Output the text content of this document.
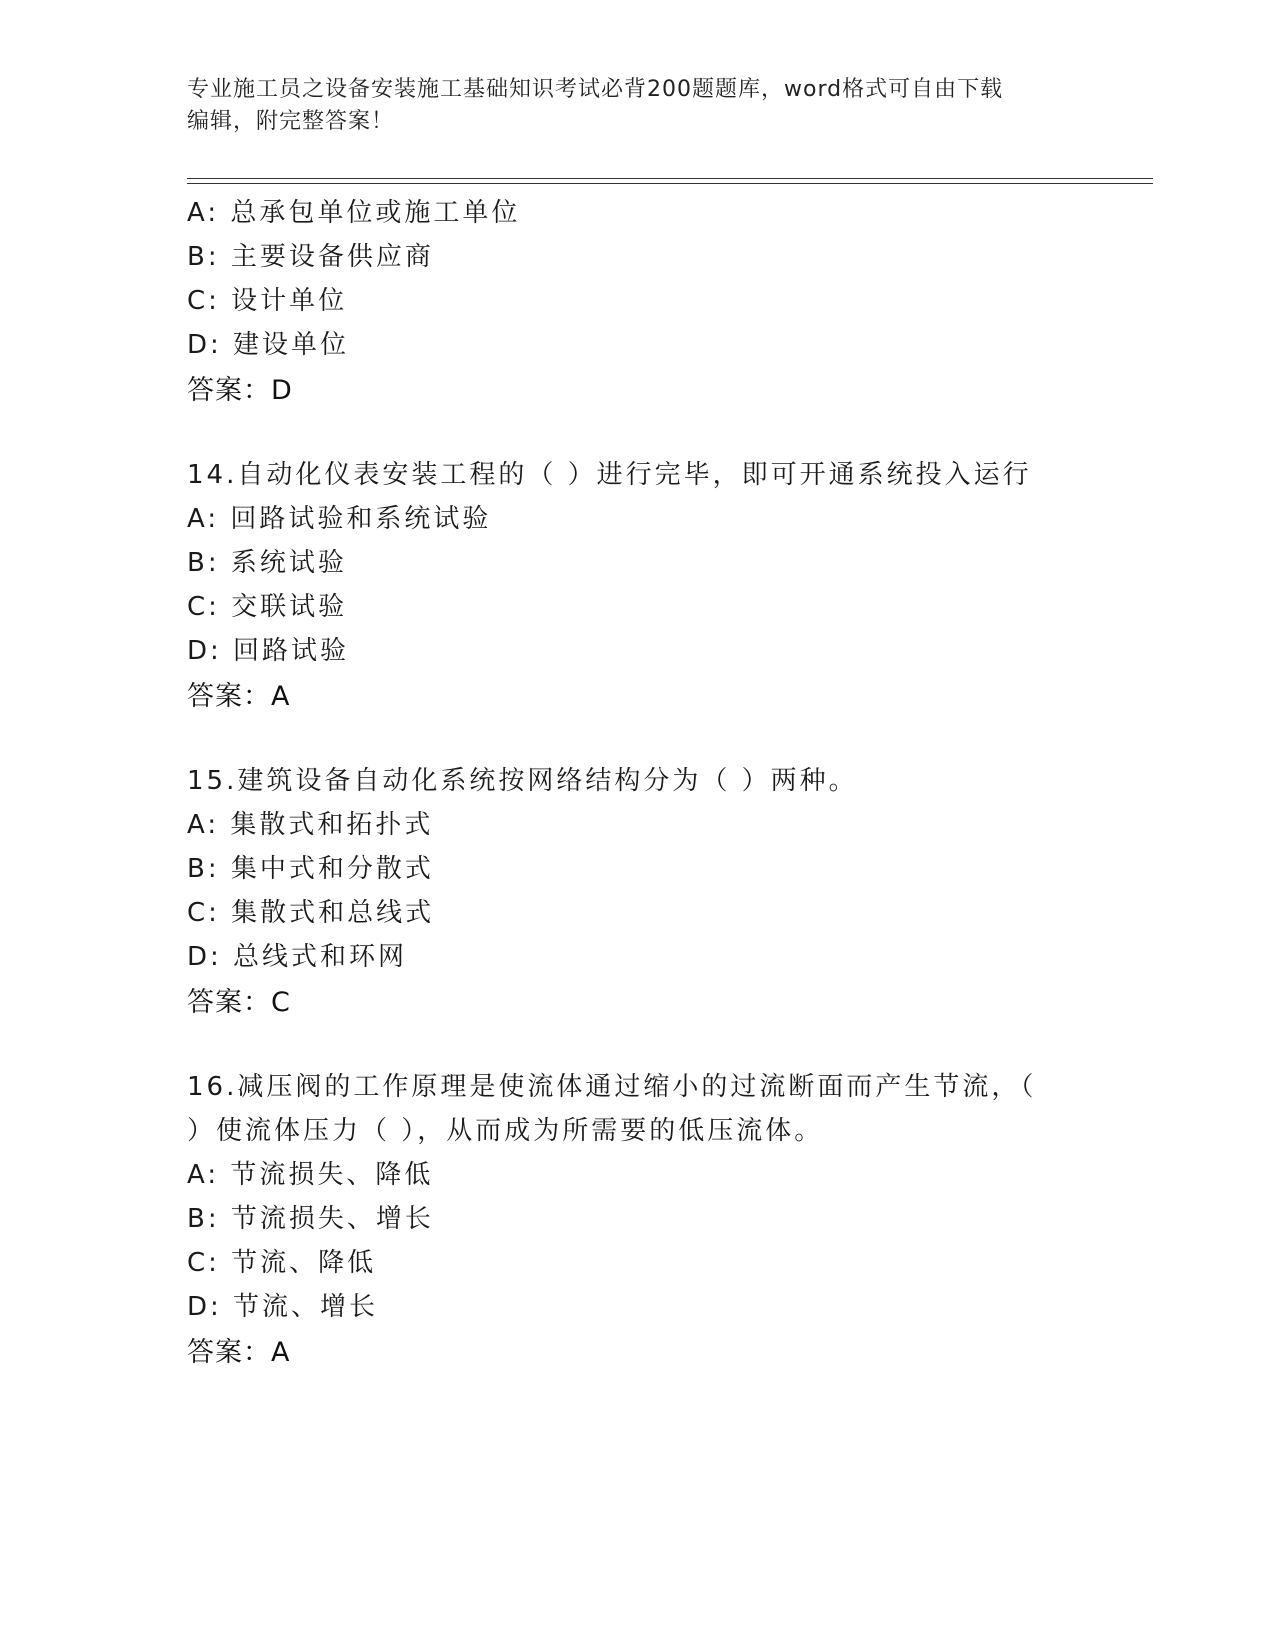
专业施工员之设备安装施工基础知识考试必背200题题库，word格式可自由下载
编辑，附完整答案！
A: 总承包单位或施工单位
B: 主要设备供应商
C: 设计单位
D: 建设单位
答案：D
14.自动化仪表安装工程的（ ）进行完毕，即可开通系统投入运行
A: 回路试验和系统试验
B: 系统试验
C: 交联试验
D: 回路试验
答案：A
15.建筑设备自动化系统按网络结构分为（ ）两种。
A: 集散式和拓扑式
B: 集中式和分散式
C: 集散式和总线式
D: 总线式和环网
答案：C
16.减压阀的工作原理是使流体通过缩小的过流断面而产生节流，（
）使流体压力（ ），从而成为所需要的低压流体。
A: 节流损失、降低
B: 节流损失、增长
C: 节流、降低
D: 节流、增长
答案：A
